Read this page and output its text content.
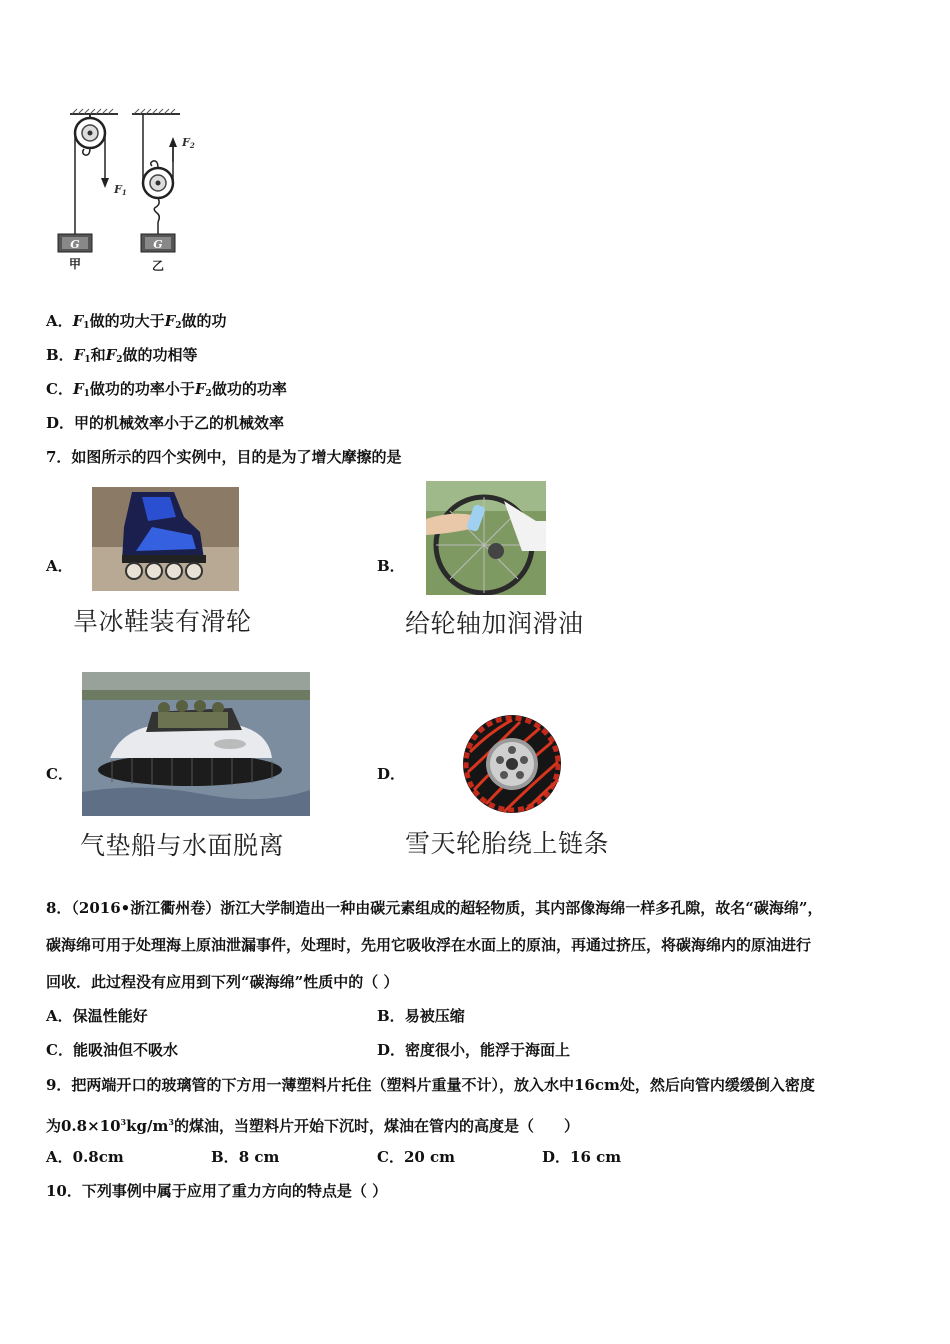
F1
G
甲
F2
G
乙
A．$F_1$做的功大于$F_2$做的功
B．$F_1$和$F_2$做的功相等
C．$F_1$做功的功率小于$F_2$做功的功率
D．甲的机械效率小于乙的机械效率
7．如图所示的四个实例中，目的是为了增大摩擦的是
A．
旱冰鞋装有滑轮
B．
给轮轴加润滑油
C．
气垫船与水面脱离
D．
雪天轮胎绕上链条
8．（2016•浙江衢州卷）浙江大学制造出一种由碳元素组成的超轻物质，其内部像海绵一样多孔隙，故名“碳海绵”，
碳海绵可用于处理海上原油泄漏事件，处理时，先用它吸收浮在水面上的原油，再通过挤压，将碳海绵内的原油进行
回收．此过程没有应用到下列“碳海绵”性质中的（ ）
A．保温性能好	B．易被压缩
C．能吸油但不吸水	D．密度很小，能浮于海面上
9．把两端开口的玻璃管的下方用一薄塑料片托住（塑料片重量不计），放入水中16cm处，然后向管内缓缓倒入密度
为$0.8\times 10^3kg/m^3$的煤油，当塑料片开始下沉时，煤油在管内的高度是（　　）
A．0.8cm	B．8 cm	C．20 cm	D．16 cm
10．下列事例中属于应用了重力方向的特点是（ ）
